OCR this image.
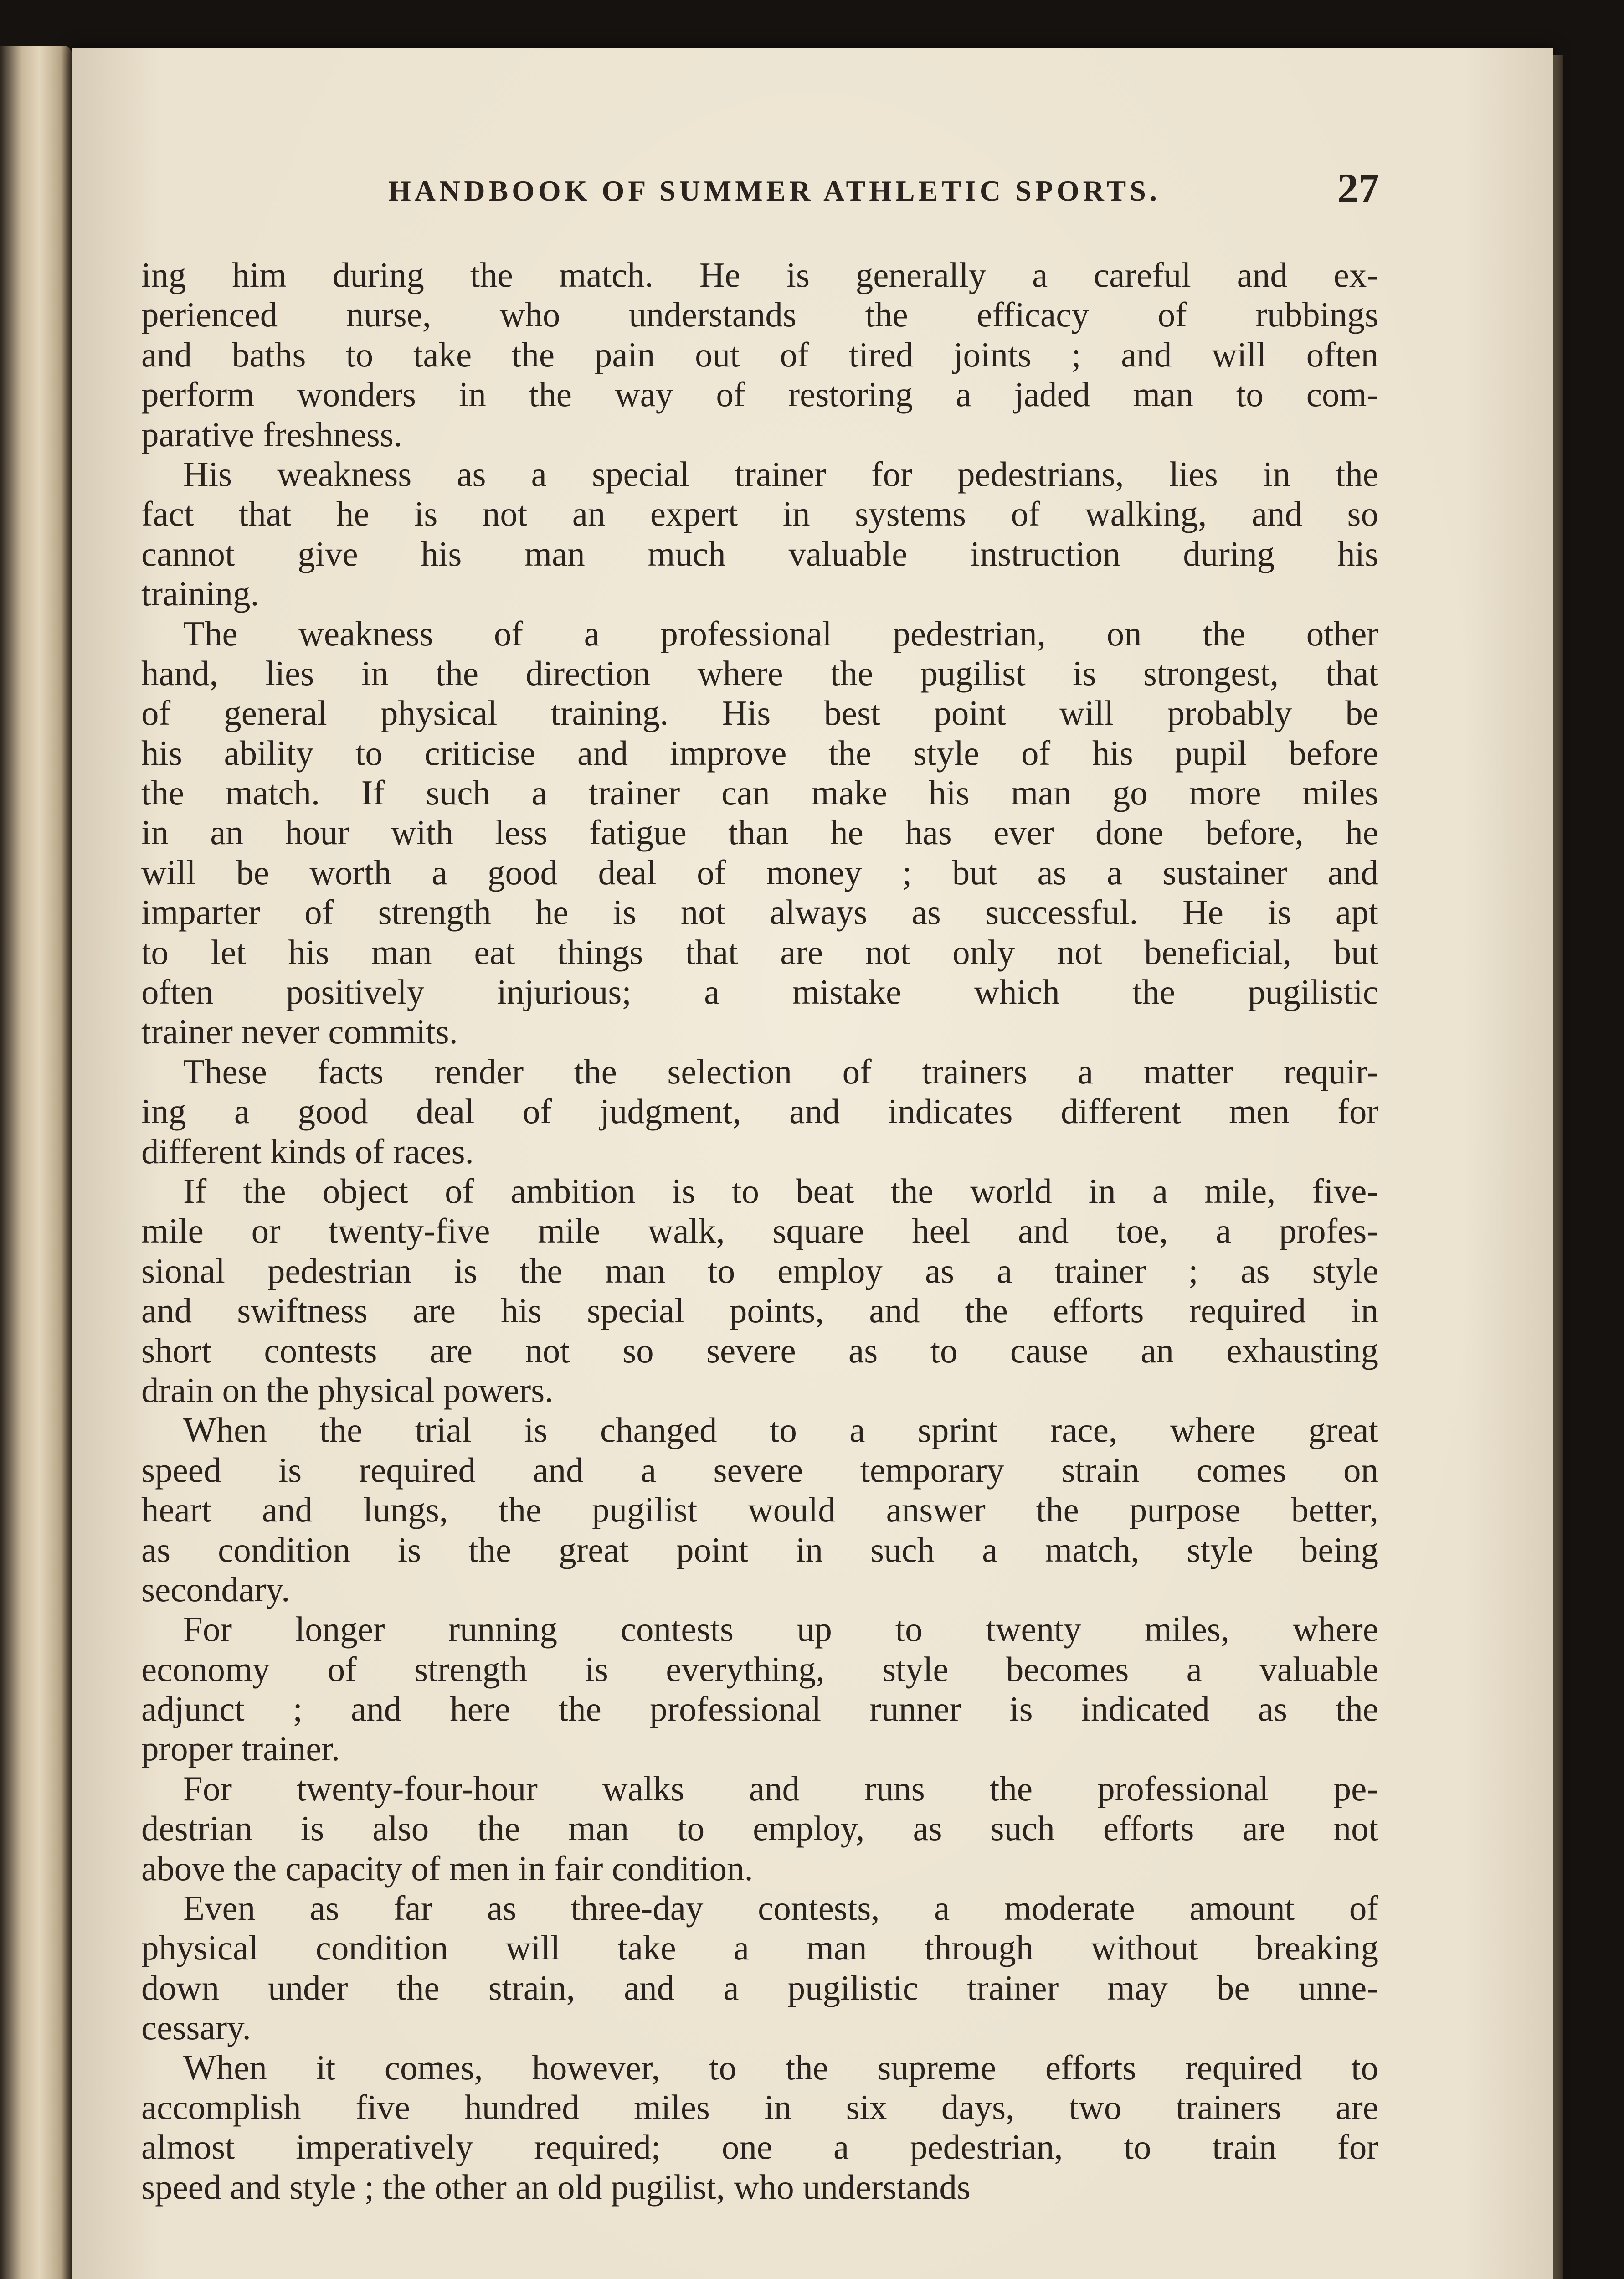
HANDBOOK OF SUMMER ATHLETIC SPORTS.	27
ing him during the match. He is generally a careful and ex-
perienced nurse, who understands the efficacy of rubbings
and baths to take the pain out of tired joints ; and will often
perform wonders in the way of restoring a jaded man to com-
parative freshness.
His weakness as a special trainer for pedestrians, lies in the
fact that he is not an expert in systems of walking, and so
cannot give his man much valuable instruction during his
training.
The weakness of a professional pedestrian, on the other
hand, lies in the direction where the pugilist is strongest, that
of general physical training. His best point will probably be
his ability to criticise and improve the style of his pupil before
the match. If such a trainer can make his man go more miles
in an hour with less fatigue than he has ever done before, he
will be worth a good deal of money ; but as a sustainer and
imparter of strength he is not always as successful. He is apt
to let his man eat things that are not only not beneficial, but
often positively injurious; a mistake which the pugilistic
trainer never commits.
These facts render the selection of trainers a matter requir-
ing a good deal of judgment, and indicates different men for
different kinds of races.
If the object of ambition is to beat the world in a mile, five-
mile or twenty-five mile walk, square heel and toe, a profes-
sional pedestrian is the man to employ as a trainer ; as style
and swiftness are his special points, and the efforts required in
short contests are not so severe as to cause an exhausting
drain on the physical powers.
When the trial is changed to a sprint race, where great
speed is required and a severe temporary strain comes on
heart and lungs, the pugilist would answer the purpose better,
as condition is the great point in such a match, style being
secondary.
For longer running contests up to twenty miles, where
economy of strength is everything, style becomes a valuable
adjunct ; and here the professional runner is indicated as the
proper trainer.
For twenty-four-hour walks and runs the professional pe-
destrian is also the man to employ, as such efforts are not
above the capacity of men in fair condition.
Even as far as three-day contests, a moderate amount of
physical condition will take a man through without breaking
down under the strain, and a pugilistic trainer may be unne-
cessary.
When it comes, however, to the supreme efforts required to
accomplish five hundred miles in six days, two trainers are
almost imperatively required; one a pedestrian, to train for
speed and style ; the other an old pugilist, who understands
